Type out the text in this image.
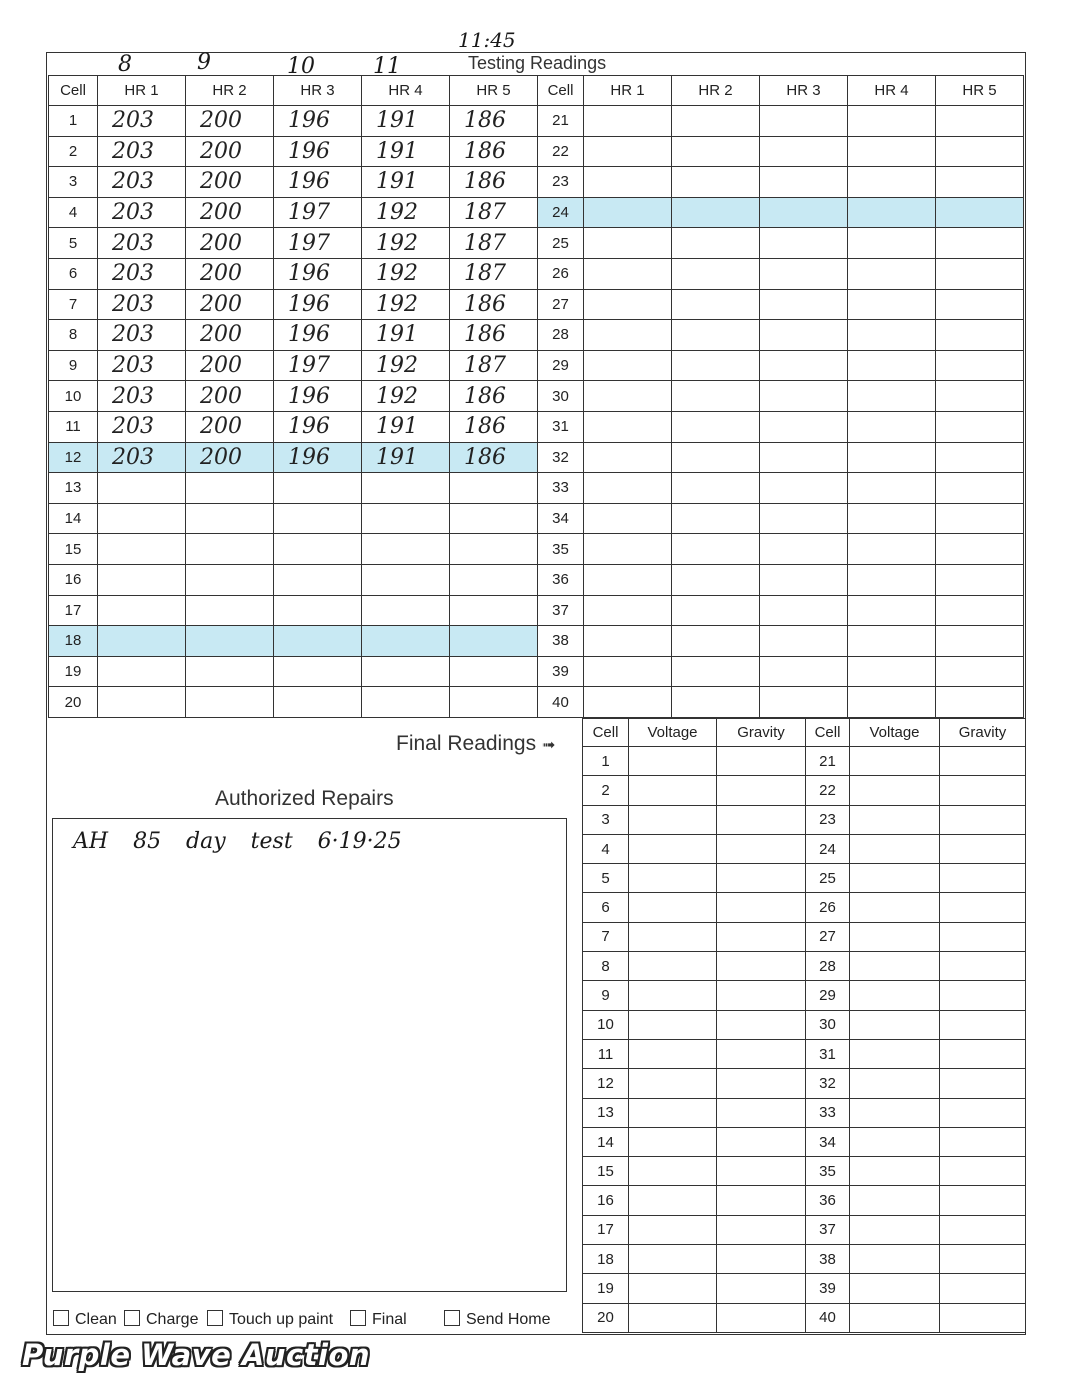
11:45
8	9	10	11	Testing Readings
Cell	HR 1	HR 2	HR 3	HR 4	HR 5	Cell	HR 1	HR 2	HR 3	HR 4	HR 5
1	203	200	196	191	186	21					
2	203	200	196	191	186	22					
3	203	200	196	191	186	23					
4	203	200	197	192	187	24					
5	203	200	197	192	187	25					
6	203	200	196	192	187	26					
7	203	200	196	192	186	27					
8	203	200	196	191	186	28					
9	203	200	197	192	187	29					
10	203	200	196	192	186	30					
11	203	200	196	191	186	31					
12	203	200	196	191	186	32					
13						33					
14						34					
15						35					
16						36					
17						37					
18						38					
19						39					
20						40					
Final Readings ➟
Cell	Voltage	Gravity	Cell	Voltage	Gravity
1			21		
2			22		
3			23		
4			24		
5			25		
6			26		
7			27		
8			28		
9			29		
10			30		
11			31		
12			32		
13			33		
14			34		
15			35		
16			36		
17			37		
18			38		
19			39		
20			40		
Authorized Repairs
AH 85 day test 6·19·25
Clean	Charge	Touch up paint	Final	Send Home
Purple Wave Auction
